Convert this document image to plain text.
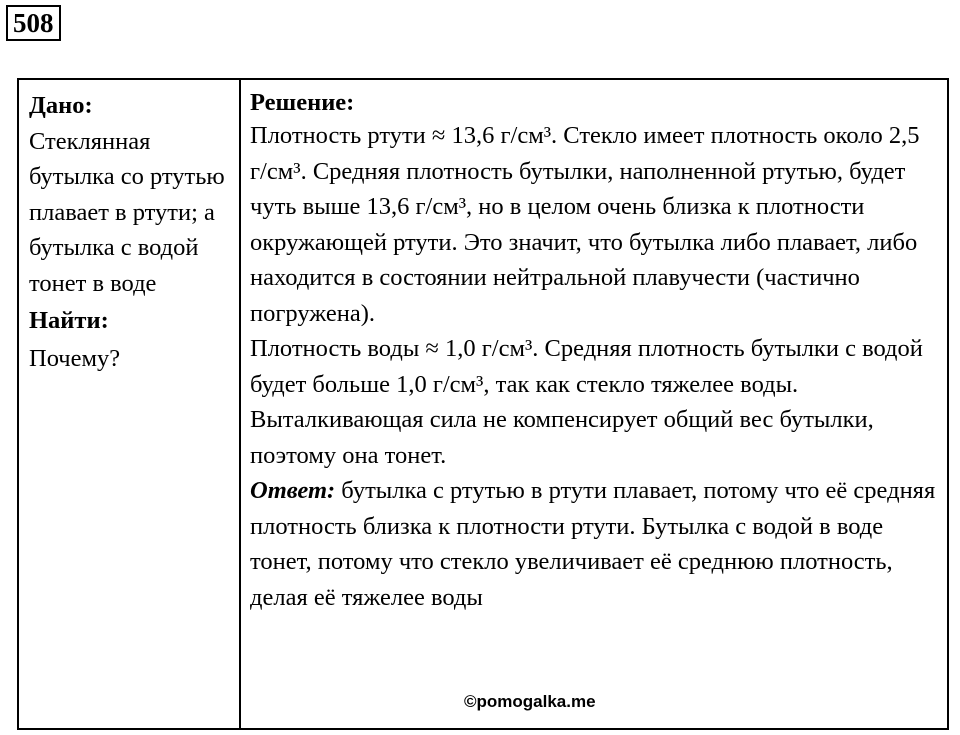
508
Дано:
Стеклянная бутылка со ртутью плавает в ртути; а бутылка с водой тонет в воде
Найти:
Почему?
Решение:
Плотность ртути ≈ 13,6 г/см³. Стекло имеет плотность около 2,5 г/см³. Средняя плотность бутылки, наполненной ртутью, будет чуть выше 13,6 г/см³, но в целом очень близка к плотности окружающей ртути. Это значит, что бутылка либо плавает, либо находится в состоянии нейтральной плавучести (частично погружена).
Плотность воды ≈ 1,0 г/см³. Средняя плотность бутылки с водой будет больше 1,0 г/см³, так как стекло тяжелее воды. Выталкивающая сила не компенсирует общий вес бутылки, поэтому она тонет.
Ответ: бутылка с ртутью в ртути плавает, потому что её средняя плотность близка к плотности ртути. Бутылка с водой в воде тонет, потому что стекло увеличивает её среднюю плотность, делая её тяжелее воды
©pomogalka.me
